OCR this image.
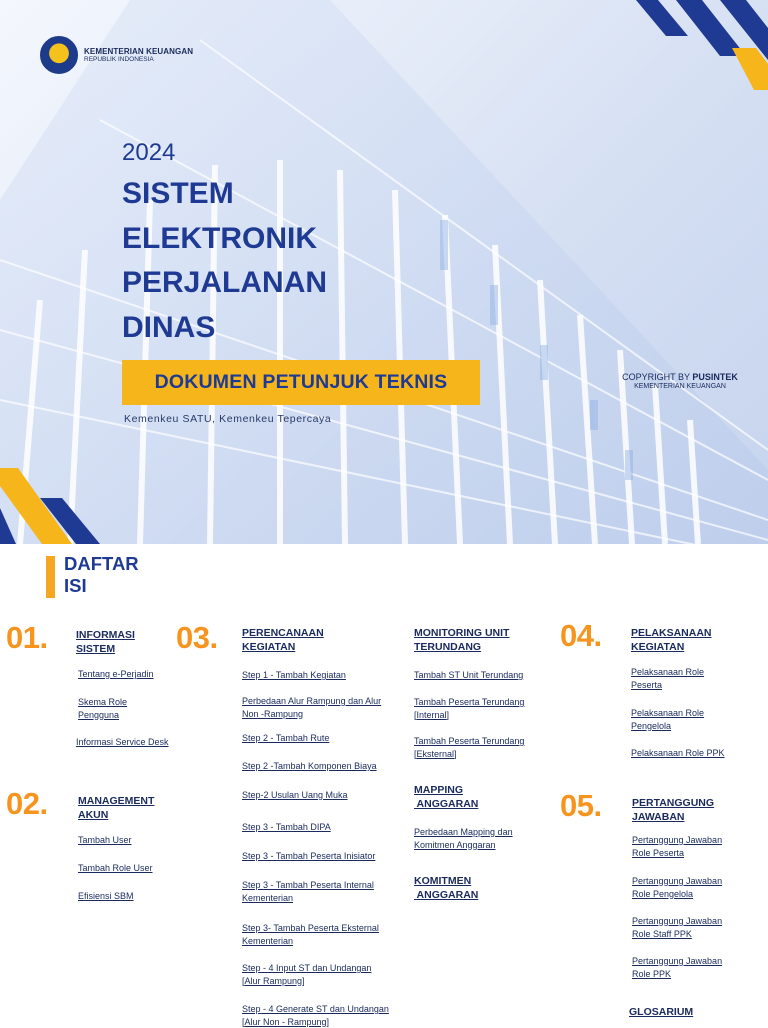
KEMENTERIAN KEUANGAN
REPUBLIK INDONESIA
2024
SISTEM
ELEKTRONIK
PERJALANAN
DINAS
DOKUMEN PETUNJUK TEKNIS
Kemenkeu SATU, Kemenkeu Tepercaya
COPYRIGHT BY PUSINTEK
KEMENTERIAN KEUANGAN
DAFTAR
ISI
01.	INFORMASI
SISTEM
Tentang e-Perjadin
Skema Role
Pengguna
Informasi Service Desk
02.	MANAGEMENT
AKUN
Tambah User
Tambah Role User
Efisiensi SBM
03. PERENCANAAN
KEGIATAN
Step 1 - Tambah Kegiatan
Perbedaan Alur Rampung dan Alur
Non -Rampung
Step 2 - Tambah Rute
Step 2 -Tambah Komponen Biaya
Step-2 Usulan Uang Muka
Step 3 - Tambah DIPA
Step 3 - Tambah Peserta Inisiator
Step 3 - Tambah Peserta Internal
Kementerian
Step 3- Tambah Peserta Eksternal
Kementerian
Step - 4 Input ST dan Undangan
[Alur Rampung]
Step - 4 Generate ST dan Undangan
[Alur Non - Rampung]
MONITORING UNIT
TERUNDANG
Tambah ST Unit Terundang
Tambah Peserta Terundang
[Internal]
Tambah Peserta Terundang
[Eksternal]
MAPPING
ANGGARAN
Perbedaan Mapping dan
Komitmen Anggaran
KOMITMEN
ANGGARAN
04.	PELAKSANAAN
KEGIATAN
Pelaksanaan Role
Peserta
Pelaksanaan Role
Pengelola
Pelaksanaan Role PPK
05.	PERTANGGUNG
JAWABAN
Pertanggung Jawaban
Role Peserta
Pertanggung Jawaban
Role Pengelola
Pertanggung Jawaban
Role Staff PPK
Pertanggung Jawaban
Role PPK
GLOSARIUM
